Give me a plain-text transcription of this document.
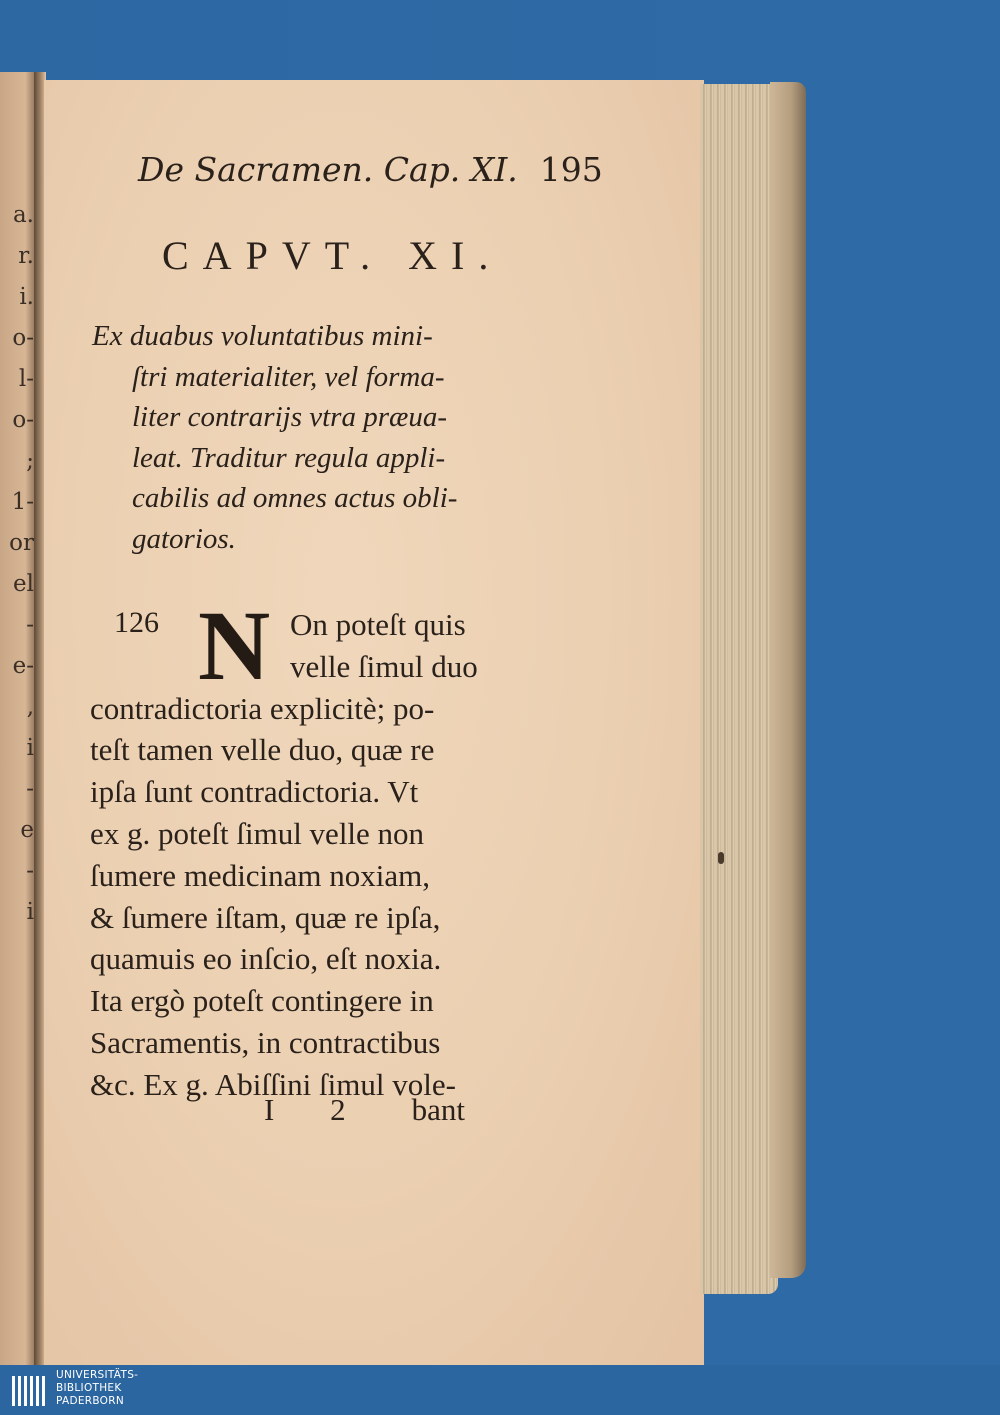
a.
r.
i.
o-
l-
o-
;
1-
or
el
-
e-
,
i
-
e
-
i
De Sacramen. Cap. XI. 195
CAPVT. XI.
Ex duabus voluntatibus mini-
ſtri materialiter, vel forma-
liter contrarijs vtra præua-
leat. Traditur regula appli-
cabilis ad omnes actus obli-
gatorios.
126 N On poteſt quis
velle ſimul duo
contradictoria explicitè; po-
teſt tamen velle duo, quæ re
ipſa ſunt contradictoria. Vt
ex g. poteſt ſimul velle non
ſumere medicinam noxiam,
& ſumere iſtam, quæ re ipſa,
quamuis eo inſcio, eſt noxia.
Ita ergò poteſt contingere in
Sacramentis, in contractibus
&c. Ex g. Abiſſini ſimul vole-
I 2 bant
UNIVERSITÄTS-
BIBLIOTHEK
PADERBORN
